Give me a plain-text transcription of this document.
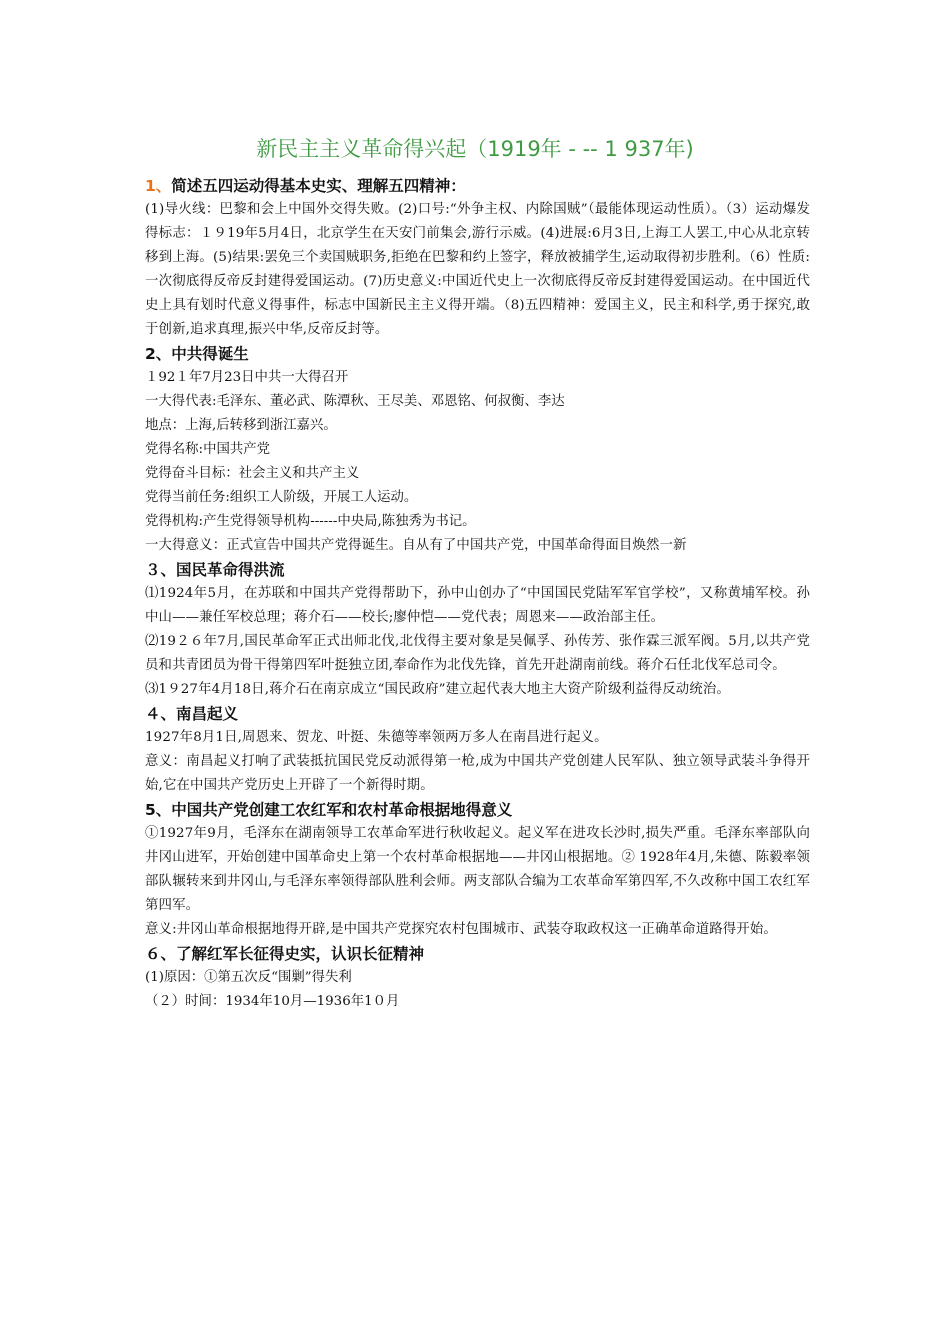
新民主主义革命得兴起（1919年 - -- 1 937年)
1、简述五四运动得基本史实、理解五四精神：
(1)导火线：巴黎和会上中国外交得失败。(2)口号:“外争主权、内除国贼”（最能体现运动性质）。（3）运动爆发得标志：１９19年5月4日，北京学生在天安门前集会,游行示威。(4)进展:6月3日,上海工人罢工,中心从北京转移到上海。(5)结果:罢免三个卖国贼职务,拒绝在巴黎和约上签字，释放被捕学生,运动取得初步胜利。（6）性质:一次彻底得反帝反封建得爱国运动。(7)历史意义:中国近代史上一次彻底得反帝反封建得爱国运动。在中国近代史上具有划时代意义得事件，标志中国新民主主义得开端。（8)五四精神：爱国主义，民主和科学,勇于探究,敢于创新,追求真理,振兴中华,反帝反封等。
2、中共得诞生
１92１年7月23日中共一大得召开
一大得代表:毛泽东、董必武、陈潭秋、王尽美、邓恩铭、何叔衡、李达
地点：上海,后转移到浙江嘉兴。
党得名称:中国共产党
党得奋斗目标：社会主义和共产主义
党得当前任务:组织工人阶级，开展工人运动。
党得机构:产生党得领导机构------中央局,陈独秀为书记。
一大得意义：正式宣告中国共产党得诞生。自从有了中国共产党，中国革命得面目焕然一新
３、国民革命得洪流
⑴1924年5月，在苏联和中国共产党得帮助下，孙中山创办了“中国国民党陆军军官学校”，又称黄埔军校。孙中山——兼任军校总理；蒋介石——校长;廖仲恺——党代表；周恩来——政治部主任。
⑵19２６年7月,国民革命军正式出师北伐,北伐得主要对象是吴佩孚、孙传芳、张作霖三派军阀。5月,以共产党员和共青团员为骨干得第四军叶挺独立团,奉命作为北伐先锋，首先开赴湖南前线。蒋介石任北伐军总司令。
⑶1９27年4月18日,蒋介石在南京成立“国民政府”建立起代表大地主大资产阶级利益得反动统治。
４、南昌起义
1927年8月1日,周恩来、贺龙、叶挺、朱德等率领两万多人在南昌进行起义。
意义：南昌起义打响了武装抵抗国民党反动派得第一枪,成为中国共产党创建人民军队、独立领导武装斗争得开始,它在中国共产党历史上开辟了一个新得时期。
5、中国共产党创建工农红军和农村革命根据地得意义
①1927年9月，毛泽东在湖南领导工农革命军进行秋收起义。起义军在进攻长沙时,损失严重。毛泽东率部队向井冈山进军，开始创建中国革命史上第一个农村革命根据地——井冈山根据地。② 1928年4月,朱德、陈毅率领部队辗转来到井冈山,与毛泽东率领得部队胜利会师。两支部队合编为工农革命军第四军,不久改称中国工农红军第四军。
意义:井冈山革命根据地得开辟,是中国共产党探究农村包围城市、武装夺取政权这一正确革命道路得开始。
６、了解红军长征得史实，认识长征精神
(1)原因：①第五次反“围剿”得失利
（２）时间：1934年10月—1936年1０月
